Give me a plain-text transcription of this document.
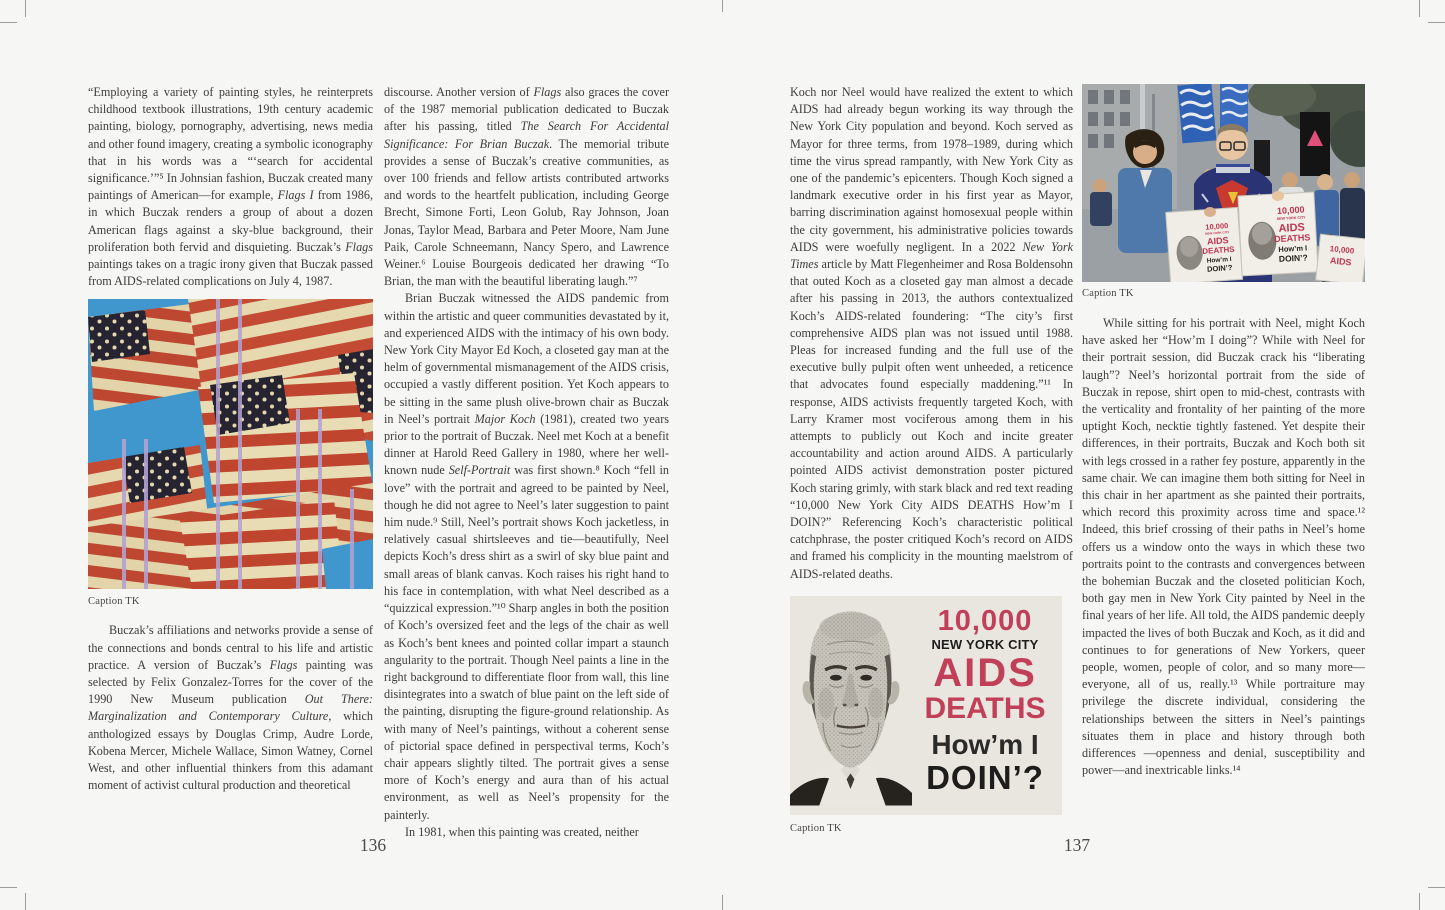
“Employing a variety of painting styles, he reinterprets childhood textbook illustrations, 19th century academic painting, biology, pornography, advertising, news media and other found imagery, creating a symbolic iconography that in his words was a “‘search for accidental significance.’”⁵ In Johnsian fashion, Buczak created many paintings of American—for example, Flags I from 1986, in which Buczak renders a group of about a dozen American flags against a sky-blue background, their proliferation both fervid and disquieting. Buczak’s Flags paintings takes on a tragic irony given that Buczak passed from AIDS-related complications on July 4, 1987.

Caption TK

Buczak’s affiliations and networks provide a sense of the connections and bonds central to his life and artistic practice. A version of Buczak’s Flags painting was selected by Felix Gonzalez-Torres for the cover of the 1990 New Museum publication Out There: Marginalization and Contemporary Culture, which anthologized essays by Douglas Crimp, Audre Lorde, Kobena Mercer, Michele Wallace, Simon Watney, Cornel West, and other influential thinkers from this adamant moment of activist cultural production and theoretical

discourse. Another version of Flags also graces the cover of the 1987 memorial publication dedicated to Buczak after his passing, titled The Search For Accidental Significance: For Brian Buczak. The memorial tribute provides a sense of Buczak’s creative communities, as over 100 friends and fellow artists contributed artworks and words to the heartfelt publication, including George Brecht, Simone Forti, Leon Golub, Ray Johnson, Joan Jonas, Taylor Mead, Barbara and Peter Moore, Nam June Paik, Carole Schneemann, Nancy Spero, and Lawrence Weiner.⁶ Louise Bourgeois dedicated her drawing “To Brian, the man with the beautiful liberating laugh.”⁷

Brian Buczak witnessed the AIDS pandemic from within the artistic and queer communities devastated by it, and experienced AIDS with the intimacy of his own body. New York City Mayor Ed Koch, a closeted gay man at the helm of governmental mismanagement of the AIDS crisis, occupied a vastly different position. Yet Koch appears to be sitting in the same plush olive-brown chair as Buczak in Neel’s portrait Major Koch (1981), created two years prior to the portrait of Buczak. Neel met Koch at a benefit dinner at Harold Reed Gallery in 1980, where her well-known nude Self-Portrait was first shown.⁸ Koch “fell in love” with the portrait and agreed to be painted by Neel, though he did not agree to Neel’s later suggestion to paint him nude.⁹ Still, Neel’s portrait shows Koch jacketless, in relatively casual shirtsleeves and tie—beautifully, Neel depicts Koch’s dress shirt as a swirl of sky blue paint and small areas of blank canvas. Koch raises his right hand to his face in contemplation, with what Neel described as a “quizzical expression.”¹⁰ Sharp angles in both the position of Koch’s oversized feet and the legs of the chair as well as Koch’s bent knees and pointed collar impart a staunch angularity to the portrait. Though Neel paints a line in the right background to differentiate floor from wall, this line disintegrates into a swatch of blue paint on the left side of the painting, disrupting the figure-ground relationship. As with many of Neel’s paintings, without a coherent sense of pictorial space defined in perspectival terms, Koch’s chair appears slightly tilted. The portrait gives a sense more of Koch’s energy and aura than of his actual environment, as well as Neel’s propensity for the painterly.

In 1981, when this painting was created, neither

Koch nor Neel would have realized the extent to which AIDS had already begun working its way through the New York City population and beyond. Koch served as Mayor for three terms, from 1978–1989, during which time the virus spread rampantly, with New York City as one of the pandemic’s epicenters. Though Koch signed a landmark executive order in his first year as Mayor, barring discrimination against homosexual people within the city government, his administrative policies towards AIDS were woefully negligent. In a 2022 New York Times article by Matt Flegenheimer and Rosa Boldensohn that outed Koch as a closeted gay man almost a decade after his passing in 2013, the authors contextualized Koch’s AIDS-related foundering: “The city’s first comprehensive AIDS plan was not issued until 1988. Pleas for increased funding and the full use of the executive bully pulpit often went unheeded, a reticence that advocates found especially maddening.”¹¹ In response, AIDS activists frequently targeted Koch, with Larry Kramer most vociferous among them in his attempts to publicly out Koch and incite greater accountability and action around AIDS. A particularly pointed AIDS activist demonstration poster pictured Koch staring grimly, with stark black and red text reading “10,000 New York City AIDS DEATHS How’m I DOIN?” Referencing Koch’s characteristic political catchphrase, the poster critiqued Koch’s record on AIDS and framed his complicity in the mounting maelstrom of AIDS-related deaths.

10,000
NEW YORK CITY
AIDS
DEATHS
How’m I
DOIN’?
Caption TK
10,000
NEW YORK CITY
AIDS
DEATHS
How’m I
DOIN’?
10,000
NEW YORK CITY
AIDS
DEATHS
How’m I
DOIN’?
10,000
AIDS
Caption TK

While sitting for his portrait with Neel, might Koch have asked her “How’m I doing”? While with Neel for their portrait session, did Buczak crack his “liberating laugh”? Neel’s horizontal portrait from the side of Buczak in repose, shirt open to mid-chest, contrasts with the verticality and frontality of her painting of the more uptight Koch, necktie tightly fastened. Yet despite their differences, in their portraits, Buczak and Koch both sit with legs crossed in a rather fey posture, apparently in the same chair. We can imagine them both sitting for Neel in this chair in her apartment as she painted their portraits, which record this proximity across time and space.¹² Indeed, this brief crossing of their paths in Neel’s home offers us a window onto the ways in which these two portraits point to the contrasts and convergences between the bohemian Buczak and the closeted politician Koch, both gay men in New York City painted by Neel in the final years of her life. All told, the AIDS pandemic deeply impacted the lives of both Buczak and Koch, as it did and continues to for generations of New Yorkers, queer people, women, people of color, and so many more—everyone, all of us, really.¹³ While portraiture may privilege the discrete individual, considering the relationships between the sitters in Neel’s paintings situates them in place and history through both differences —openness and denial, susceptibility and power—and inextricable links.¹⁴

136	137
